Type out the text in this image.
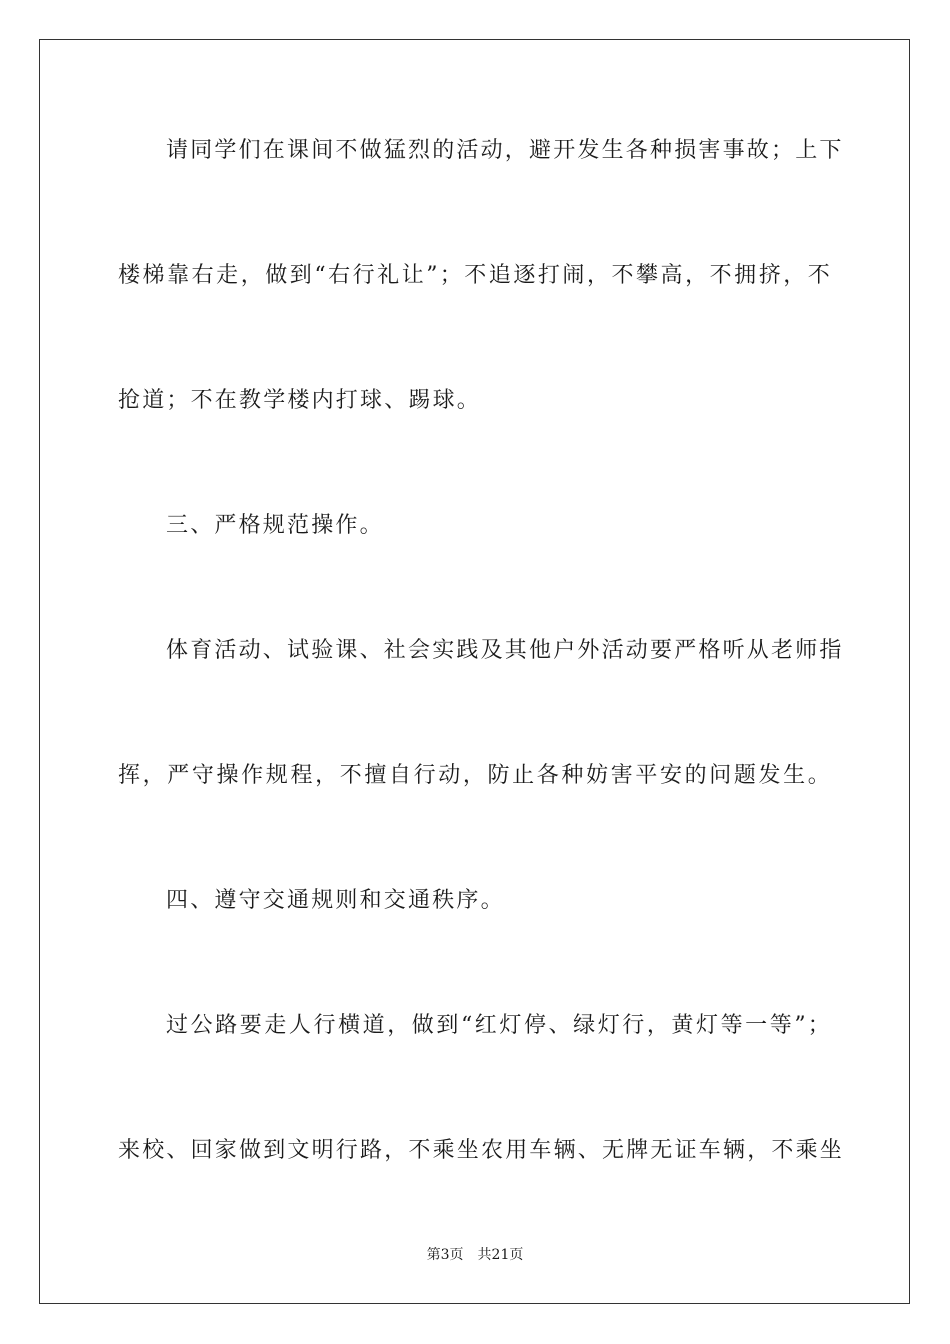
请同学们在课间不做猛烈的活动，避开发生各种损害事故；上下
楼梯靠右走，做到“右行礼让”；不追逐打闹，不攀高，不拥挤，不
抢道；不在教学楼内打球、踢球。
三、严格规范操作。
体育活动、试验课、社会实践及其他户外活动要严格听从老师指
挥，严守操作规程，不擅自行动，防止各种妨害平安的问题发生。
四、遵守交通规则和交通秩序。
过公路要走人行横道，做到“红灯停、绿灯行，黄灯等一等”；
来校、回家做到文明行路，不乘坐农用车辆、无牌无证车辆，不乘坐
第3页 共21页
